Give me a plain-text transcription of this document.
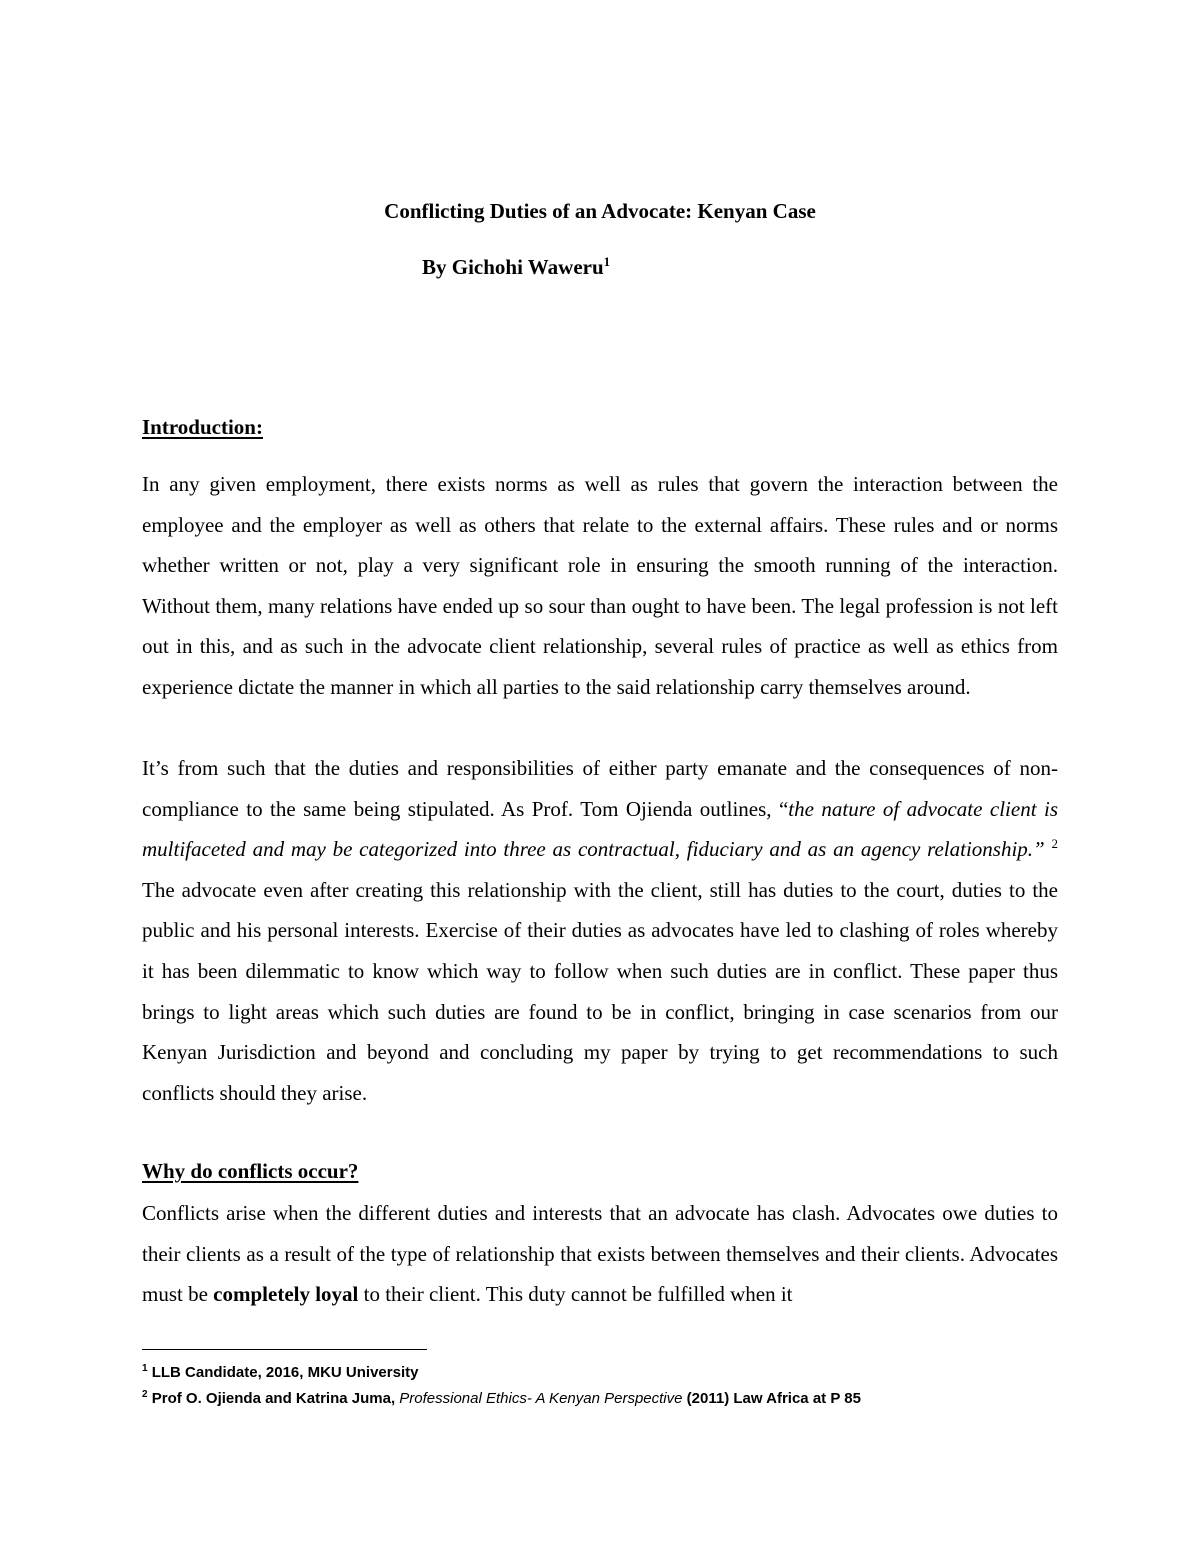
Conflicting Duties of an Advocate: Kenyan Case
By Gichohi Waweru$^1$
Introduction:

In any given employment, there exists norms as well as rules that govern the interaction between the employee and the employer as well as others that relate to the external affairs. These rules and or norms whether written or not, play a very significant role in ensuring the smooth running of the interaction. Without them, many relations have ended up so sour than ought to have been. The legal profession is not left out in this, and as such in the advocate client relationship, several rules of practice as well as ethics from experience dictate the manner in which all parties to the said relationship carry themselves around.

It’s from such that the duties and responsibilities of either party emanate and the consequences of non-compliance to the same being stipulated. As Prof. Tom Ojienda outlines, “the nature of advocate client is multifaceted and may be categorized into three as contractual, fiduciary and as an agency relationship.” $^2$ The advocate even after creating this relationship with the client, still has duties to the court, duties to the public and his personal interests. Exercise of their duties as advocates have led to clashing of roles whereby it has been dilemmatic to know which way to follow when such duties are in conflict. These paper thus brings to light areas which such duties are found to be in conflict, bringing in case scenarios from our Kenyan Jurisdiction and beyond and concluding my paper by trying to get recommendations to such conflicts should they arise.

Why do conflicts occur?

Conflicts arise when the different duties and interests that an advocate has clash. Advocates owe duties to their clients as a result of the type of relationship that exists between themselves and their clients. Advocates must be completely loyal to their client. This duty cannot be fulfilled when it

$^1$ LLB Candidate, 2016, MKU University
$^2$ Prof O. Ojienda and Katrina Juma, Professional Ethics- A Kenyan Perspective (2011) Law Africa at P 85
